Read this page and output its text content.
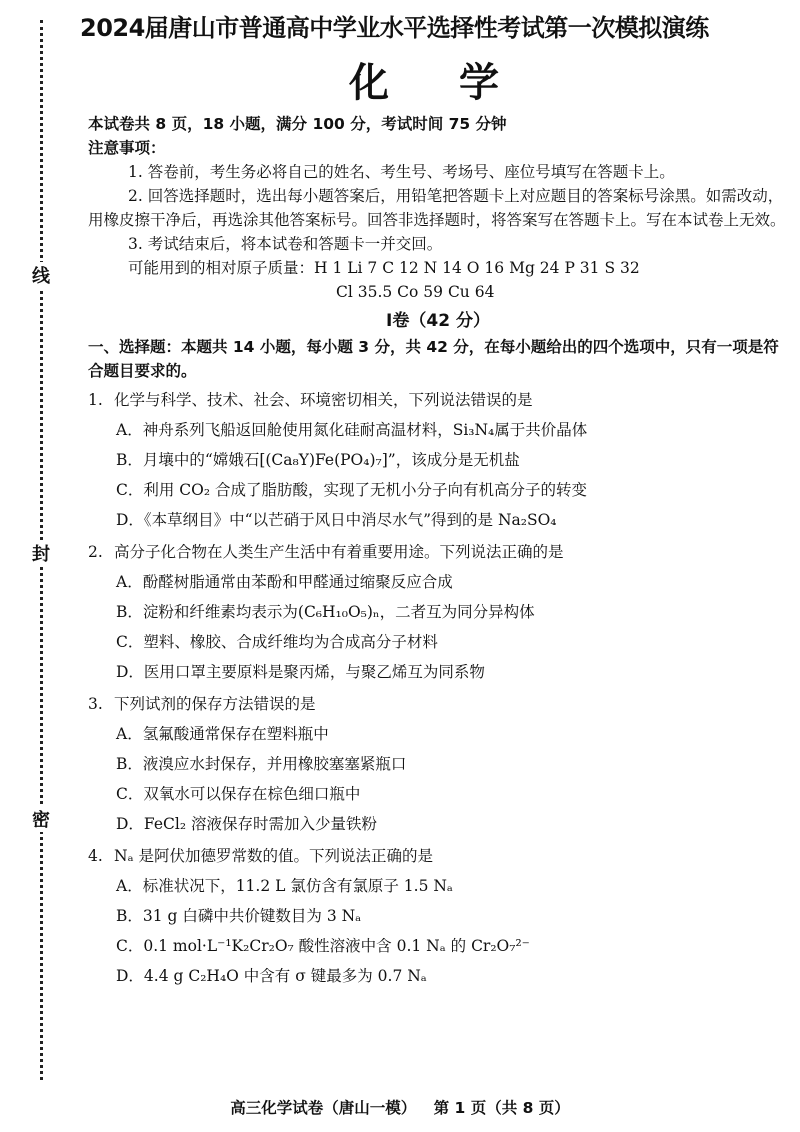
线
封
密
2024届唐山市普通高中学业水平选择性考试第一次模拟演练
化 学
本试卷共 8 页，18 小题，满分 100 分，考试时间 75 分钟
注意事项：
1. 答卷前，考生务必将自己的姓名、考生号、考场号、座位号填写在答题卡上。
2. 回答选择题时，选出每小题答案后，用铅笔把答题卡上对应题目的答案标号涂黑。如需改动，用橡皮擦干净后，再选涂其他答案标号。回答非选择题时，将答案写在答题卡上。写在本试卷上无效。
3. 考试结束后，将本试卷和答题卡一并交回。
可能用到的相对原子质量：H 1 Li 7 C 12 N 14 O 16 Mg 24 P 31 S 32
Cl 35.5 Co 59 Cu 64
Ⅰ卷（42 分）
一、选择题：本题共 14 小题，每小题 3 分，共 42 分，在每小题给出的四个选项中，只有一项是符合题目要求的。
1. 化学与科学、技术、社会、环境密切相关，下列说法错误的是
A．神舟系列飞船返回舱使用氮化硅耐高温材料，Si₃N₄属于共价晶体
B．月壤中的“嫦娥石[(Ca₈Y)Fe(PO₄)₇]”，该成分是无机盐
C．利用 CO₂ 合成了脂肪酸，实现了无机小分子向有机高分子的转变
D．《本草纲目》中“以芒硝于风日中消尽水气”得到的是 Na₂SO₄
2. 高分子化合物在人类生产生活中有着重要用途。下列说法正确的是
A．酚醛树脂通常由苯酚和甲醛通过缩聚反应合成
B．淀粉和纤维素均表示为(C₆H₁₀O₅)ₙ，二者互为同分异构体
C．塑料、橡胶、合成纤维均为合成高分子材料
D．医用口罩主要原料是聚丙烯，与聚乙烯互为同系物
3. 下列试剂的保存方法错误的是
A．氢氟酸通常保存在塑料瓶中
B．液溴应水封保存，并用橡胶塞塞紧瓶口
C．双氧水可以保存在棕色细口瓶中
D．FeCl₂ 溶液保存时需加入少量铁粉
4. Nₐ 是阿伏加德罗常数的值。下列说法正确的是
A．标准状况下，11.2 L 氯仿含有氯原子 1.5 Nₐ
B．31 g 白磷中共价键数目为 3 Nₐ
C．0.1 mol·L⁻¹K₂Cr₂O₇ 酸性溶液中含 0.1 Nₐ 的 Cr₂O₇²⁻
D．4.4 g C₂H₄O 中含有 σ 键最多为 0.7 Nₐ
高三化学试卷（唐山一模） 第 1 页（共 8 页）
